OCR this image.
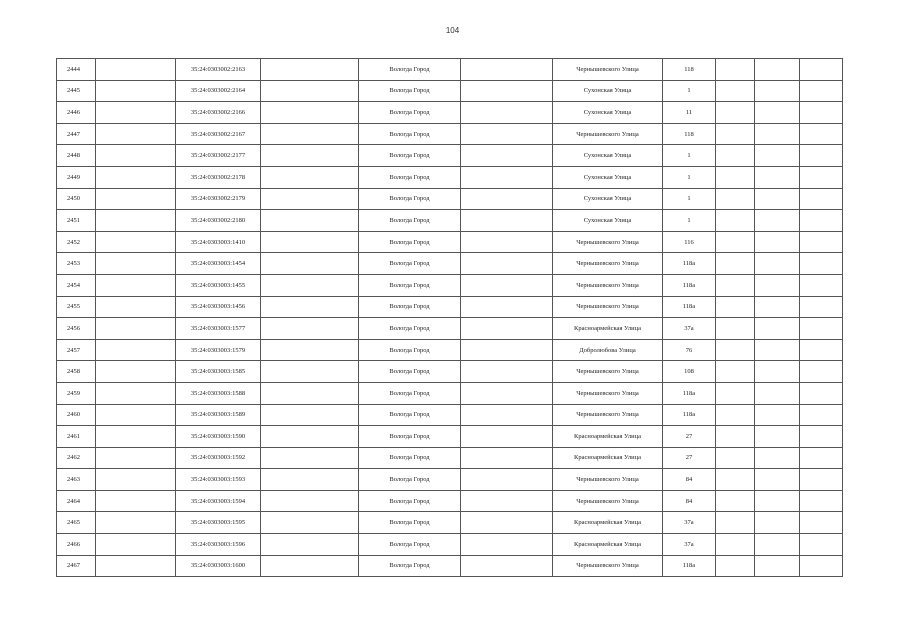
104
2444		35:24:0303002:2163		Вологда Город		Чернышевского Улица	118			
2445		35:24:0303002:2164		Вологда Город		Сухонская Улица	1			
2446		35:24:0303002:2166		Вологда Город		Сухонская Улица	11			
2447		35:24:0303002:2167		Вологда Город		Чернышевского Улица	118			
2448		35:24:0303002:2177		Вологда Город		Сухонская Улица	1			
2449		35:24:0303002:2178		Вологда Город		Сухонская Улица	1			
2450		35:24:0303002:2179		Вологда Город		Сухонская Улица	1			
2451		35:24:0303002:2180		Вологда Город		Сухонская Улица	1			
2452		35:24:0303003:1410		Вологда Город		Чернышевского Улица	116			
2453		35:24:0303003:1454		Вологда Город		Чернышевского Улица	118а			
2454		35:24:0303003:1455		Вологда Город		Чернышевского Улица	118а			
2455		35:24:0303003:1456		Вологда Город		Чернышевского Улица	118а			
2456		35:24:0303003:1577		Вологда Город		Красноармейская Улица	37а			
2457		35:24:0303003:1579		Вологда Город		Добролюбова Улица	76			
2458		35:24:0303003:1585		Вологда Город		Чернышевского Улица	108			
2459		35:24:0303003:1588		Вологда Город		Чернышевского Улица	118а			
2460		35:24:0303003:1589		Вологда Город		Чернышевского Улица	118а			
2461		35:24:0303003:1590		Вологда Город		Красноармейская Улица	27			
2462		35:24:0303003:1592		Вологда Город		Красноармейская Улица	27			
2463		35:24:0303003:1593		Вологда Город		Чернышевского Улица	84			
2464		35:24:0303003:1594		Вологда Город		Чернышевского Улица	84			
2465		35:24:0303003:1595		Вологда Город		Красноармейская Улица	37а			
2466		35:24:0303003:1596		Вологда Город		Красноармейская Улица	37а			
2467		35:24:0303003:1600		Вологда Город		Чернышевского Улица	118а			
